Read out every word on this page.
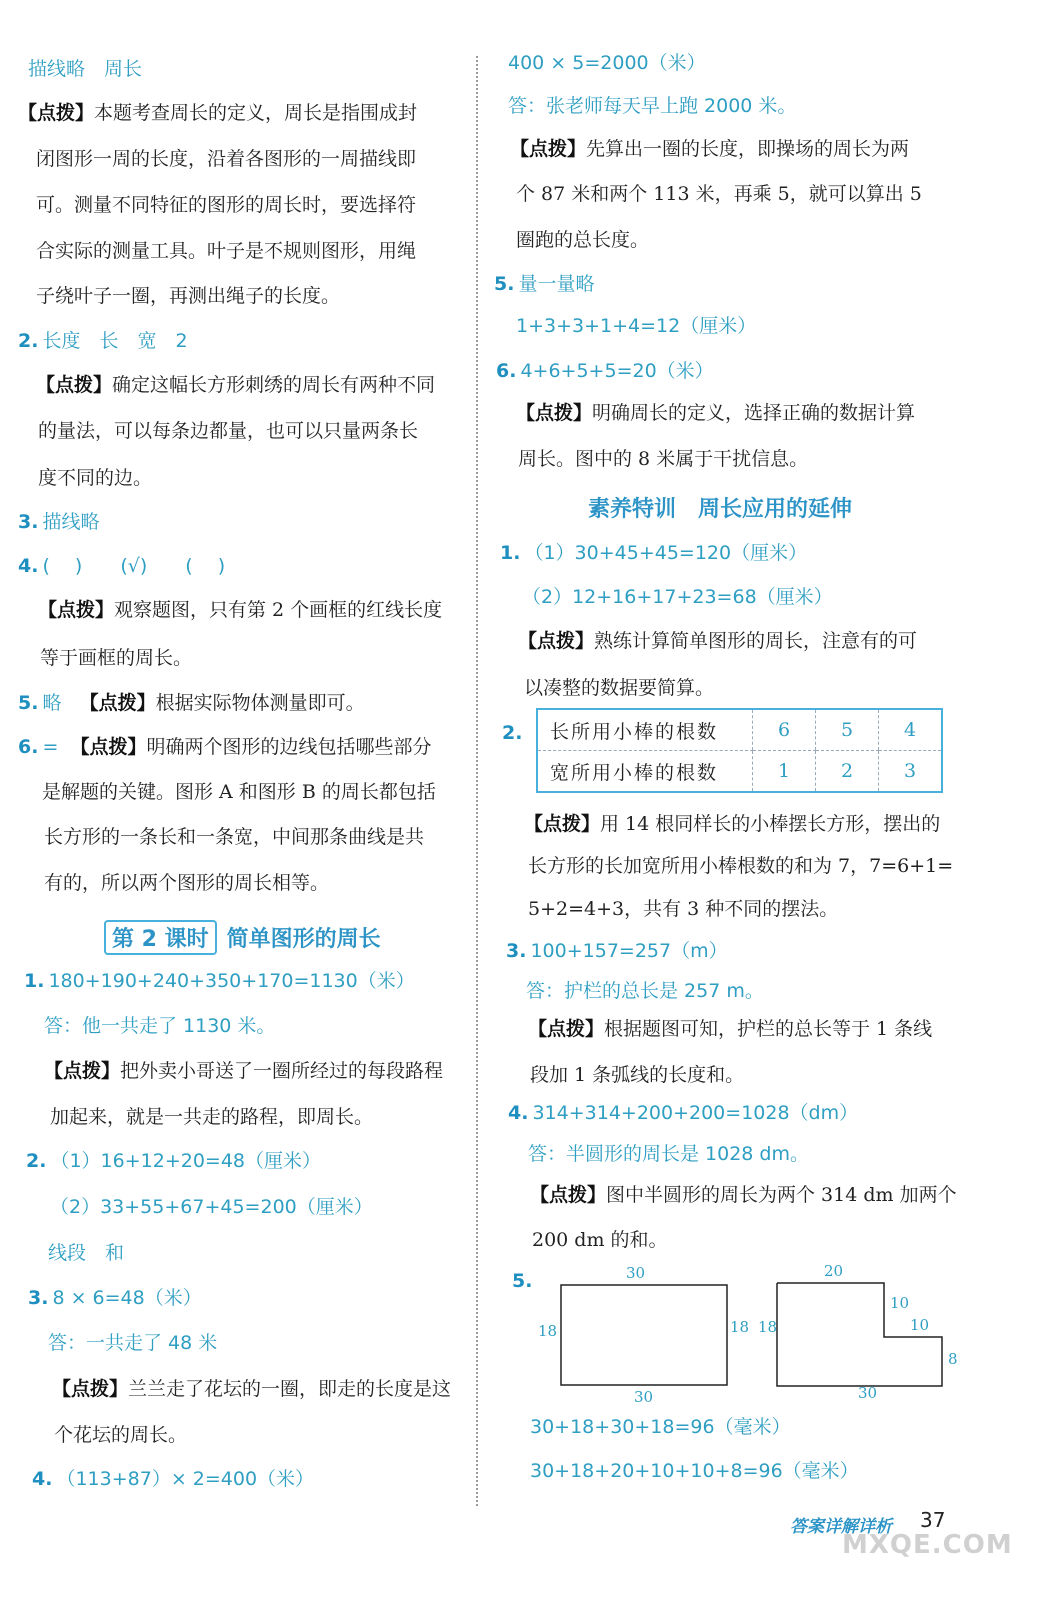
描线略　周长
【点拨】本题考查周长的定义，周长是指围成封
闭图形一周的长度，沿着各图形的一周描线即
可。测量不同特征的图形的周长时，要选择符
合实际的测量工具。叶子是不规则图形，用绳
子绕叶子一圈，再测出绳子的长度。
2. 长度　长　宽　2
【点拨】确定这幅长方形刺绣的周长有两种不同
的量法，可以每条边都量，也可以只量两条长
度不同的边。
3. 描线略
4. (　 )　　(√)　　(　 )
【点拨】观察题图，只有第 2 个画框的红线长度
等于画框的周长。
5. 略 【点拨】根据实际物体测量即可。
6. = 【点拨】明确两个图形的边线包括哪些部分
是解题的关键。图形 A 和图形 B 的周长都包括
长方形的一条长和一条宽，中间那条曲线是共
有的，所以两个图形的周长相等。
第 2 课时 简单图形的周长
1. 180+190+240+350+170=1130（米）
答：他一共走了 1130 米。
【点拨】把外卖小哥送了一圈所经过的每段路程
加起来，就是一共走的路程，即周长。
2. （1）16+12+20=48（厘米）
（2）33+55+67+45=200（厘米）
线段　和
3. 8 × 6=48（米）
答：一共走了 48 米
【点拨】兰兰走了花坛的一圈，即走的长度是这
个花坛的周长。
4. （113+87）× 2=400（米）
400 × 5=2000（米）
答：张老师每天早上跑 2000 米。
【点拨】先算出一圈的长度，即操场的周长为两
个 87 米和两个 113 米，再乘 5，就可以算出 5
圈跑的总长度。
5. 量一量略
1+3+3+1+4=12（厘米）
6. 4+6+5+5=20（米）
【点拨】明确周长的定义，选择正确的数据计算
周长。图中的 8 米属于干扰信息。
素养特训　周长应用的延伸
1. （1）30+45+45=120（厘米）
（2）12+16+17+23=68（厘米）
【点拨】熟练计算简单图形的周长，注意有的可
以凑整的数据要简算。
2. 长所用小棒的根数	6	5	4
宽所用小棒的根数	1	2	3
【点拨】用 14 根同样长的小棒摆长方形，摆出的
长方形的长加宽所用小棒根数的和为 7，7=6+1=
5+2=4+3，共有 3 种不同的摆法。
3. 100+157=257（m）
答：护栏的总长是 257 m。
【点拨】根据题图可知，护栏的总长等于 1 条线
段加 1 条弧线的长度和。
4. 314+314+200+200=1028（dm）
答：半圆形的周长是 1028 dm。
【点拨】图中半圆形的周长为两个 314 dm 加两个
200 dm 的和。
5.	30
18	18
30
20
18
10
10
8
30
30+18+30+18=96（毫米）
30+18+20+10+10+8=96（毫米）
答案详解详析 37
MXQE.COM
